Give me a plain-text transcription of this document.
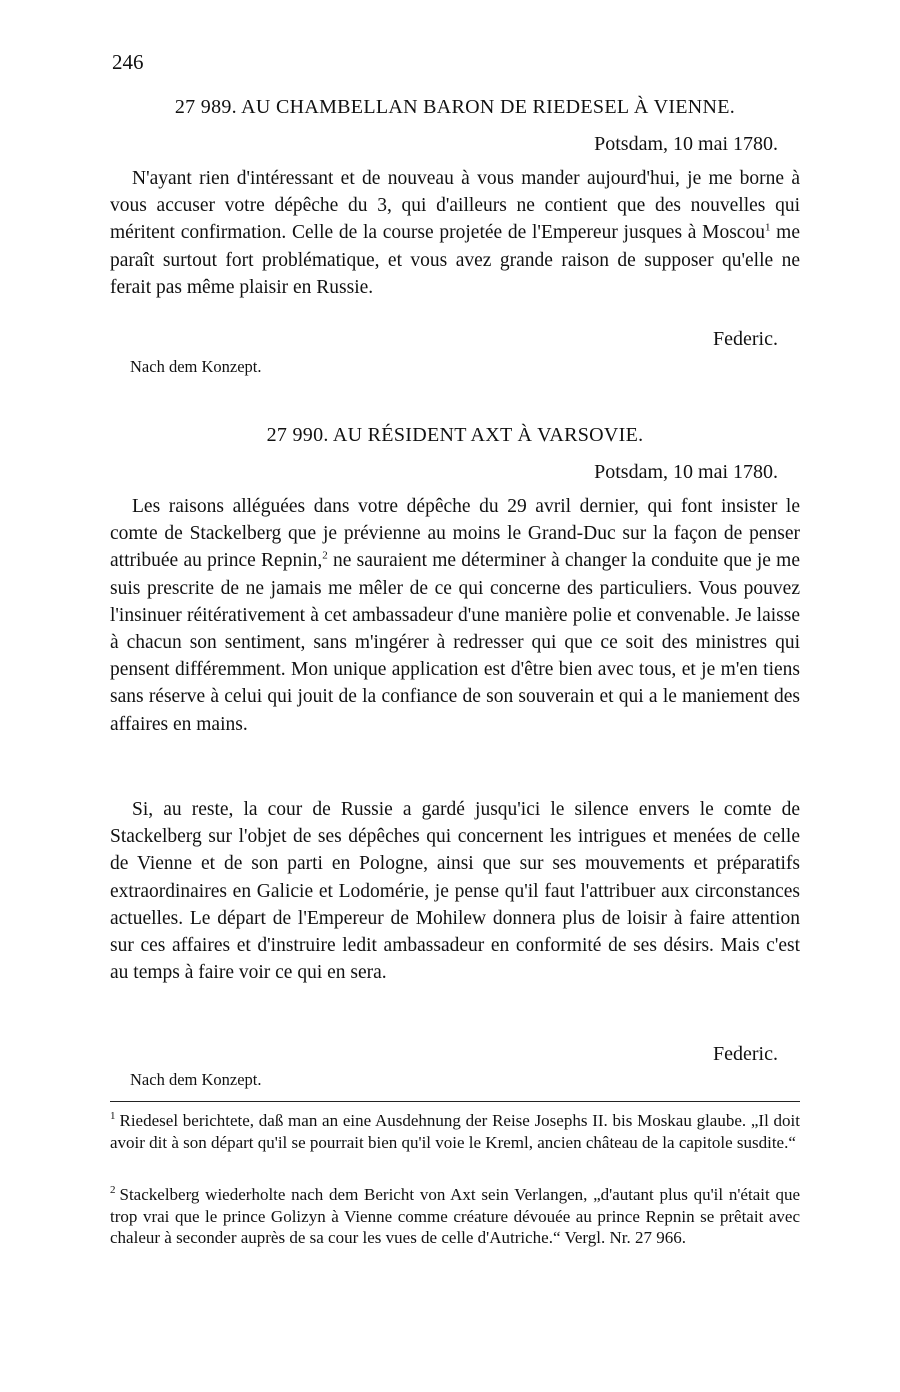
246
27 989. AU CHAMBELLAN BARON DE RIEDESEL À VIENNE.
Potsdam, 10 mai 1780.

N'ayant rien d'intéressant et de nouveau à vous mander aujourd'hui, je me borne à vous accuser votre dépêche du 3, qui d'ailleurs ne contient que des nouvelles qui méritent confirmation. Celle de la course projetée de l'Empereur jusques à Moscou$^1$ me paraît surtout fort problématique, et vous avez grande raison de supposer qu'elle ne ferait pas même plaisir en Russie.

Federic.
Nach dem Konzept.
27 990. AU RÉSIDENT AXT À VARSOVIE.
Potsdam, 10 mai 1780.

Les raisons alléguées dans votre dépêche du 29 avril dernier, qui font insister le comte de Stackelberg que je prévienne au moins le Grand-Duc sur la façon de penser attribuée au prince Repnin,$^2$ ne sauraient me déterminer à changer la conduite que je me suis prescrite de ne jamais me mêler de ce qui concerne des particuliers. Vous pouvez l'insinuer réitérativement à cet ambassadeur d'une manière polie et convenable. Je laisse à chacun son sentiment, sans m'ingérer à redresser qui que ce soit des ministres qui pensent différemment. Mon unique application est d'être bien avec tous, et je m'en tiens sans réserve à celui qui jouit de la confiance de son souverain et qui a le maniement des affaires en mains.

Si, au reste, la cour de Russie a gardé jusqu'ici le silence envers le comte de Stackelberg sur l'objet de ses dépêches qui concernent les intrigues et menées de celle de Vienne et de son parti en Pologne, ainsi que sur ses mouvements et préparatifs extraordinaires en Galicie et Lodomérie, je pense qu'il faut l'attribuer aux circonstances actuelles. Le départ de l'Empereur de Mohilew donnera plus de loisir à faire attention sur ces affaires et d'instruire ledit ambassadeur en conformité de ses désirs. Mais c'est au temps à faire voir ce qui en sera.

Federic.
Nach dem Konzept.

$^1$ Riedesel berichtete, daß man an eine Ausdehnung der Reise Josephs II. bis Moskau glaube. „Il doit avoir dit à son départ qu'il se pourrait bien qu'il voie le Kreml, ancien château de la capitole susdite.“

$^2$ Stackelberg wiederholte nach dem Bericht von Axt sein Verlangen, „d'autant plus qu'il n'était que trop vrai que le prince Golizyn à Vienne comme créature dévouée au prince Repnin se prêtait avec chaleur à seconder auprès de sa cour les vues de celle d'Autriche.“ Vergl. Nr. 27 966.
